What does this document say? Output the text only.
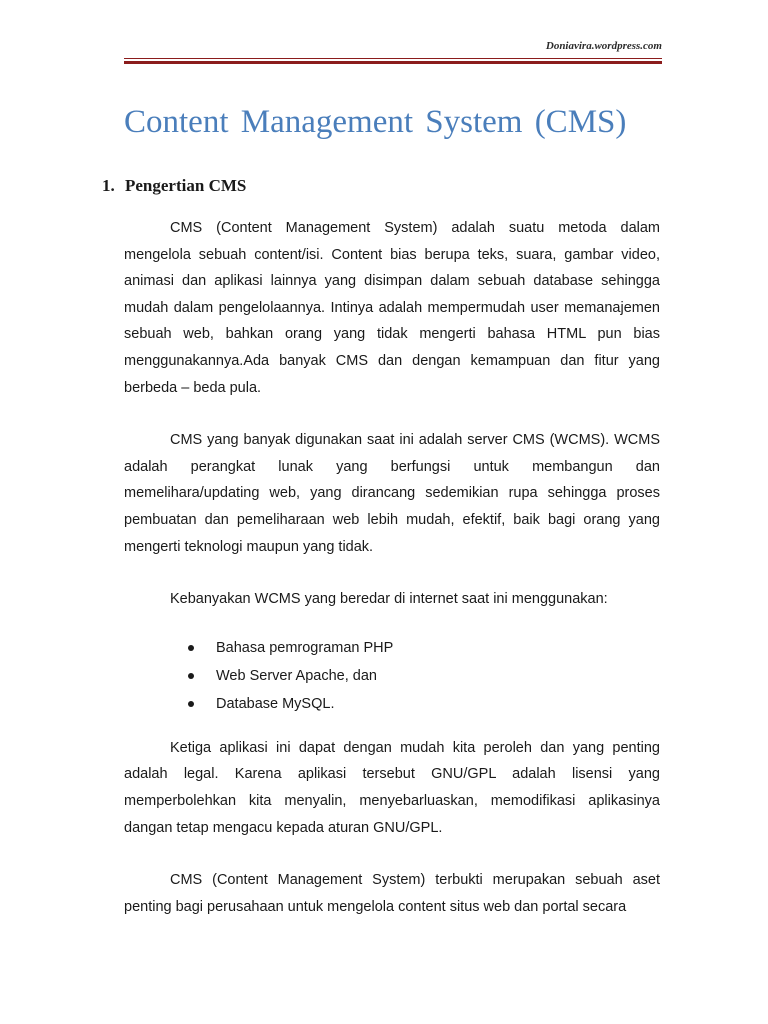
Doniavira.wordpress.com
Content Management System (CMS)
1. Pengertian CMS

CMS (Content Management System) adalah suatu metoda dalam mengelola sebuah content/isi. Content bias berupa teks, suara, gambar video, animasi dan aplikasi lainnya yang disimpan dalam sebuah database sehingga mudah dalam pengelolaannya. Intinya adalah mempermudah user memanajemen sebuah web, bahkan orang yang tidak mengerti bahasa HTML pun bias menggunakannya.Ada banyak CMS dan dengan kemampuan dan fitur yang berbeda – beda pula.

CMS yang banyak digunakan saat ini adalah server CMS (WCMS). WCMS adalah perangkat lunak yang berfungsi untuk membangun dan memelihara/updating web, yang dirancang sedemikian rupa sehingga proses pembuatan dan pemeliharaan web lebih mudah, efektif, baik bagi orang yang mengerti teknologi maupun yang tidak.

Kebanyakan WCMS yang beredar di internet saat ini menggunakan:

Bahasa pemrograman PHP
Web Server Apache, dan
Database MySQL.

Ketiga aplikasi ini dapat dengan mudah kita peroleh dan yang penting adalah legal. Karena aplikasi tersebut GNU/GPL adalah lisensi yang memperbolehkan kita menyalin, menyebarluaskan, memodifikasi aplikasinya dangan tetap mengacu kepada aturan GNU/GPL.

CMS (Content Management System) terbukti merupakan sebuah aset penting bagi perusahaan untuk mengelola content situs web dan portal secara
